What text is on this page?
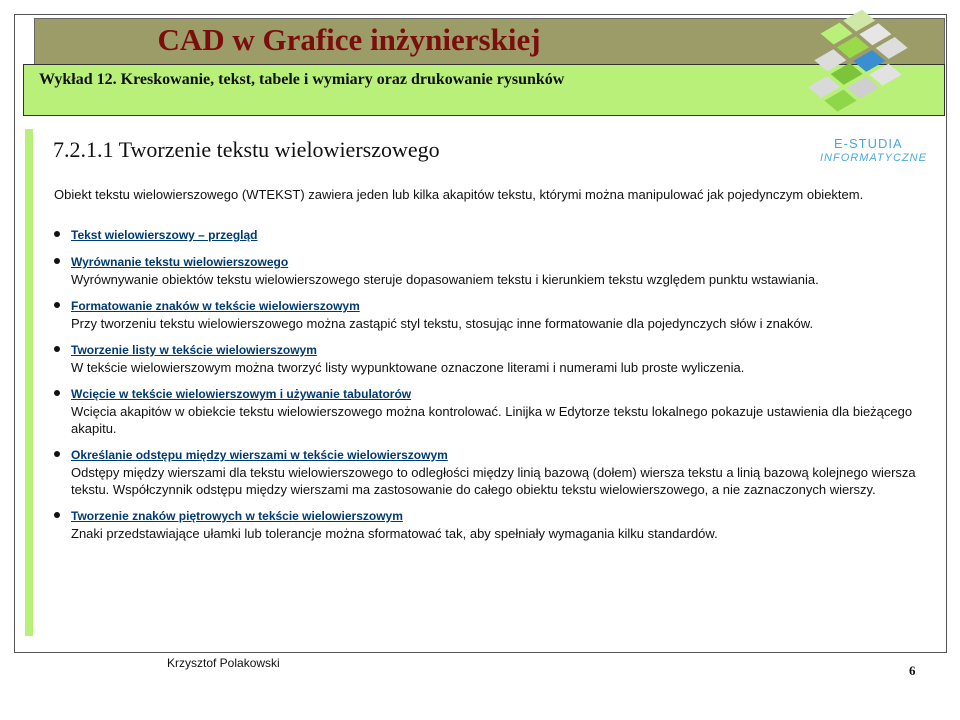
CAD w Grafice inżynierskiej
Wykład 12. Kreskowanie, tekst, tabele i wymiary oraz drukowanie rysunków
E-STUDIA
INFORMATYCZNE
7.2.1.1 Tworzenie tekstu wielowierszowego
Obiekt tekstu wielowierszowego (WTEKST) zawiera jeden lub kilka akapitów tekstu, którymi można manipulować jak pojedynczym obiektem.
Tekst wielowierszowy – przegląd
Wyrównanie tekstu wielowierszowego
Wyrównywanie obiektów tekstu wielowierszowego steruje dopasowaniem tekstu i kierunkiem tekstu względem punktu wstawiania.
Formatowanie znaków w tekście wielowierszowym
Przy tworzeniu tekstu wielowierszowego można zastąpić styl tekstu, stosując inne formatowanie dla pojedynczych słów i znaków.
Tworzenie listy w tekście wielowierszowym
W tekście wielowierszowym można tworzyć listy wypunktowane oznaczone literami i numerami lub proste wyliczenia.
Wcięcie w tekście wielowierszowym i używanie tabulatorów
Wcięcia akapitów w obiekcie tekstu wielowierszowego można kontrolować. Linijka w Edytorze tekstu lokalnego pokazuje ustawienia dla bieżącego akapitu.
Określanie odstępu między wierszami w tekście wielowierszowym
Odstępy między wierszami dla tekstu wielowierszowego to odległości między linią bazową (dołem) wiersza tekstu a linią bazową kolejnego wiersza tekstu. Współczynnik odstępu między wierszami ma zastosowanie do całego obiektu tekstu wielowierszowego, a nie zaznaczonych wierszy.
Tworzenie znaków piętrowych w tekście wielowierszowym
Znaki przedstawiające ułamki lub tolerancje można sformatować tak, aby spełniały wymagania kilku standardów.
Krzysztof Polakowski	6
